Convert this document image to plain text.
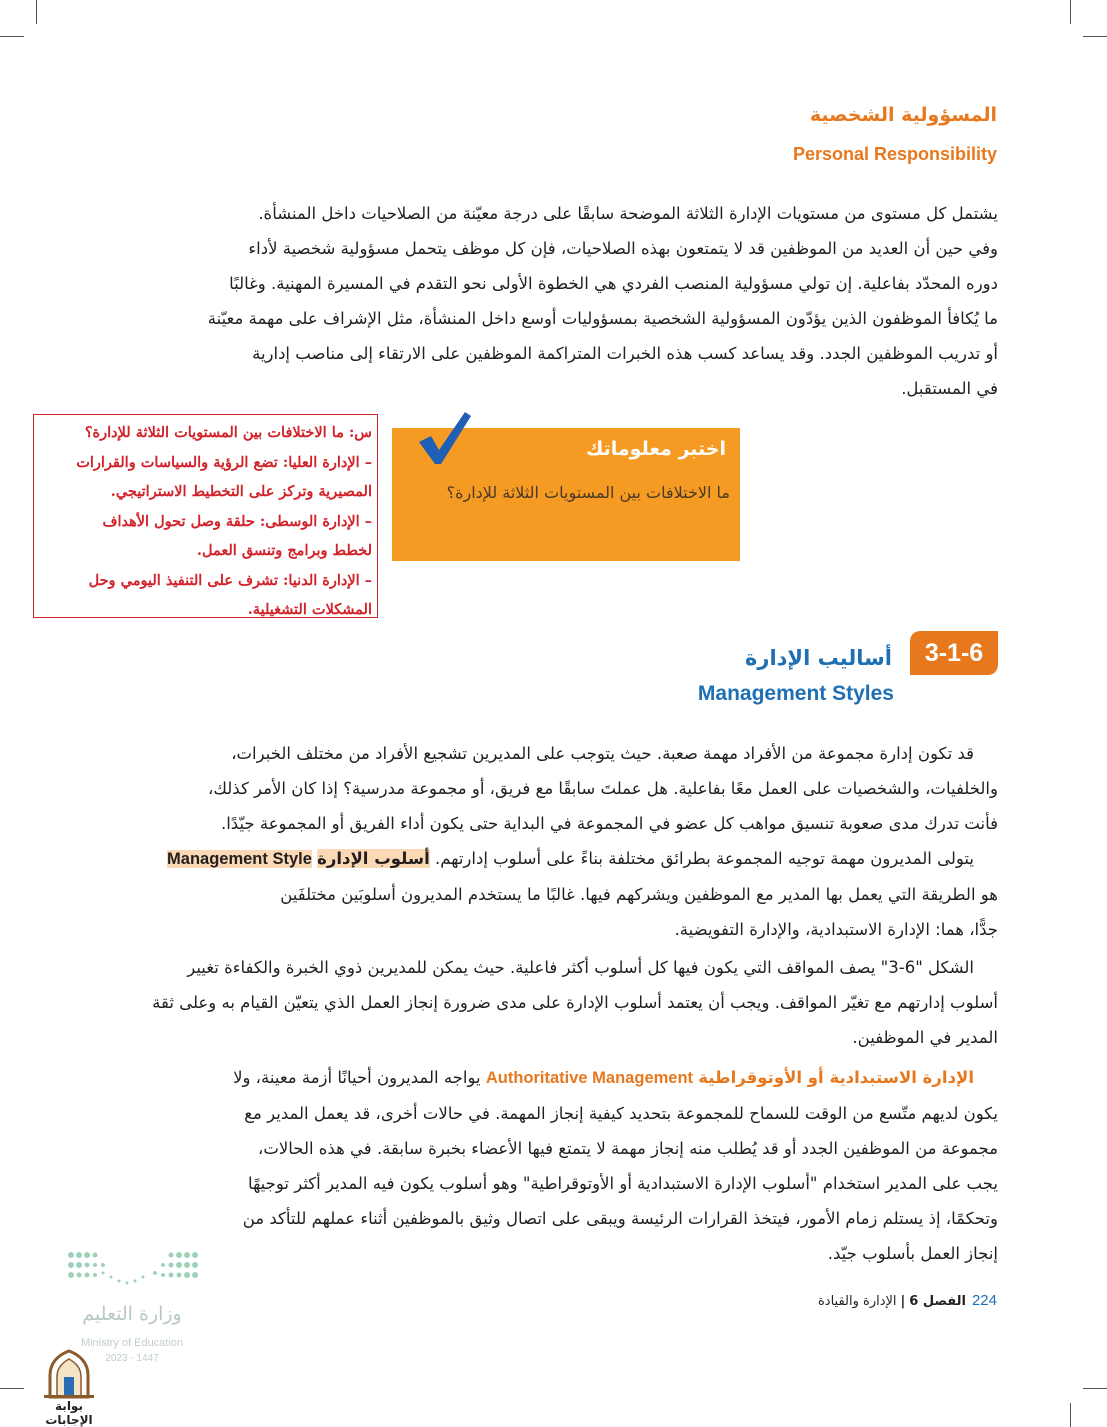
المسؤولية الشخصية
Personal Responsibility
يشتمل كل مستوى من مستويات الإدارة الثلاثة الموضحة سابقًا على درجة معيّنة من الصلاحيات داخل المنشأة.
وفي حين أن العديد من الموظفين قد لا يتمتعون بهذه الصلاحيات، فإن كل موظف يتحمل مسؤولية شخصية لأداء
دوره المحدّد بفاعلية. إن تولي مسؤولية المنصب الفردي هي الخطوة الأولى نحو التقدم في المسيرة المهنية. وغالبًا
ما يُكافأ الموظفون الذين يؤدّون المسؤولية الشخصية بمسؤوليات أوسع داخل المنشأة، مثل الإشراف على مهمة معيّنة
أو تدريب الموظفين الجدد. وقد يساعد كسب هذه الخبرات المتراكمة الموظفين على الارتقاء إلى مناصب إدارية
في المستقبل.
س: ما الاختلافات بين المستويات الثلاثة للإدارة؟
– الإدارة العليا: تضع الرؤية والسياسات والقرارات
المصيرية وتركز على التخطيط الاستراتيجي.
– الإدارة الوسطى: حلقة وصل تحول الأهداف
لخطط وبرامج وتنسق العمل.
– الإدارة الدنيا: تشرف على التنفيذ اليومي وحل
المشكلات التشغيلية.
اختبر معلوماتك
ما الاختلافات بين المستويات الثلاثة للإدارة؟
3-1-6
أساليب الإدارة
Management Styles
قد تكون إدارة مجموعة من الأفراد مهمة صعبة. حيث يتوجب على المديرين تشجيع الأفراد من مختلف الخبرات،
والخلفيات، والشخصيات على العمل معًا بفاعلية. هل عملتَ سابقًا مع فريق، أو مجموعة مدرسية؟ إذا كان الأمر كذلك،
فأنت تدرك مدى صعوبة تنسيق مواهب كل عضو في المجموعة في البداية حتى يكون أداء الفريق أو المجموعة جيّدًا.
يتولى المديرون مهمة توجيه المجموعة بطرائق مختلفة بناءً على أسلوب إدارتهم. أسلوب الإدارة Management Style
هو الطريقة التي يعمل بها المدير مع الموظفين ويشركهم فيها. غالبًا ما يستخدم المديرون أسلوبَين مختلفَين
جدًّا، هما: الإدارة الاستبدادية، والإدارة التفويضية.
الشكل "6-3" يصف المواقف التي يكون فيها كل أسلوب أكثر فاعلية. حيث يمكن للمديرين ذوي الخبرة والكفاءة تغيير
أسلوب إدارتهم مع تغيّر المواقف. ويجب أن يعتمد أسلوب الإدارة على مدى ضرورة إنجاز العمل الذي يتعيّن القيام به وعلى ثقة
المدير في الموظفين.
الإدارة الاستبدادية أو الأوتوقراطية Authoritative Management يواجه المديرون أحيانًا أزمة معينة، ولا
يكون لديهم متّسع من الوقت للسماح للمجموعة بتحديد كيفية إنجاز المهمة. في حالات أخرى، قد يعمل المدير مع
مجموعة من الموظفين الجدد أو قد يُطلب منه إنجاز مهمة لا يتمتع فيها الأعضاء بخبرة سابقة. في هذه الحالات،
يجب على المدير استخدام "أسلوب الإدارة الاستبدادية أو الأوتوقراطية" وهو أسلوب يكون فيه المدير أكثر توجيهًا
وتحكمًا، إذ يستلم زمام الأمور، فيتخذ القرارات الرئيسة ويبقى على اتصال وثيق بالموظفين أثناء عملهم للتأكد من
إنجاز العمل بأسلوب جيّد.
وزارة التعليم
Ministry of Education
2023 - 1447
بوابة الإجابات
224الفصل 6|الإدارة والقيادة
